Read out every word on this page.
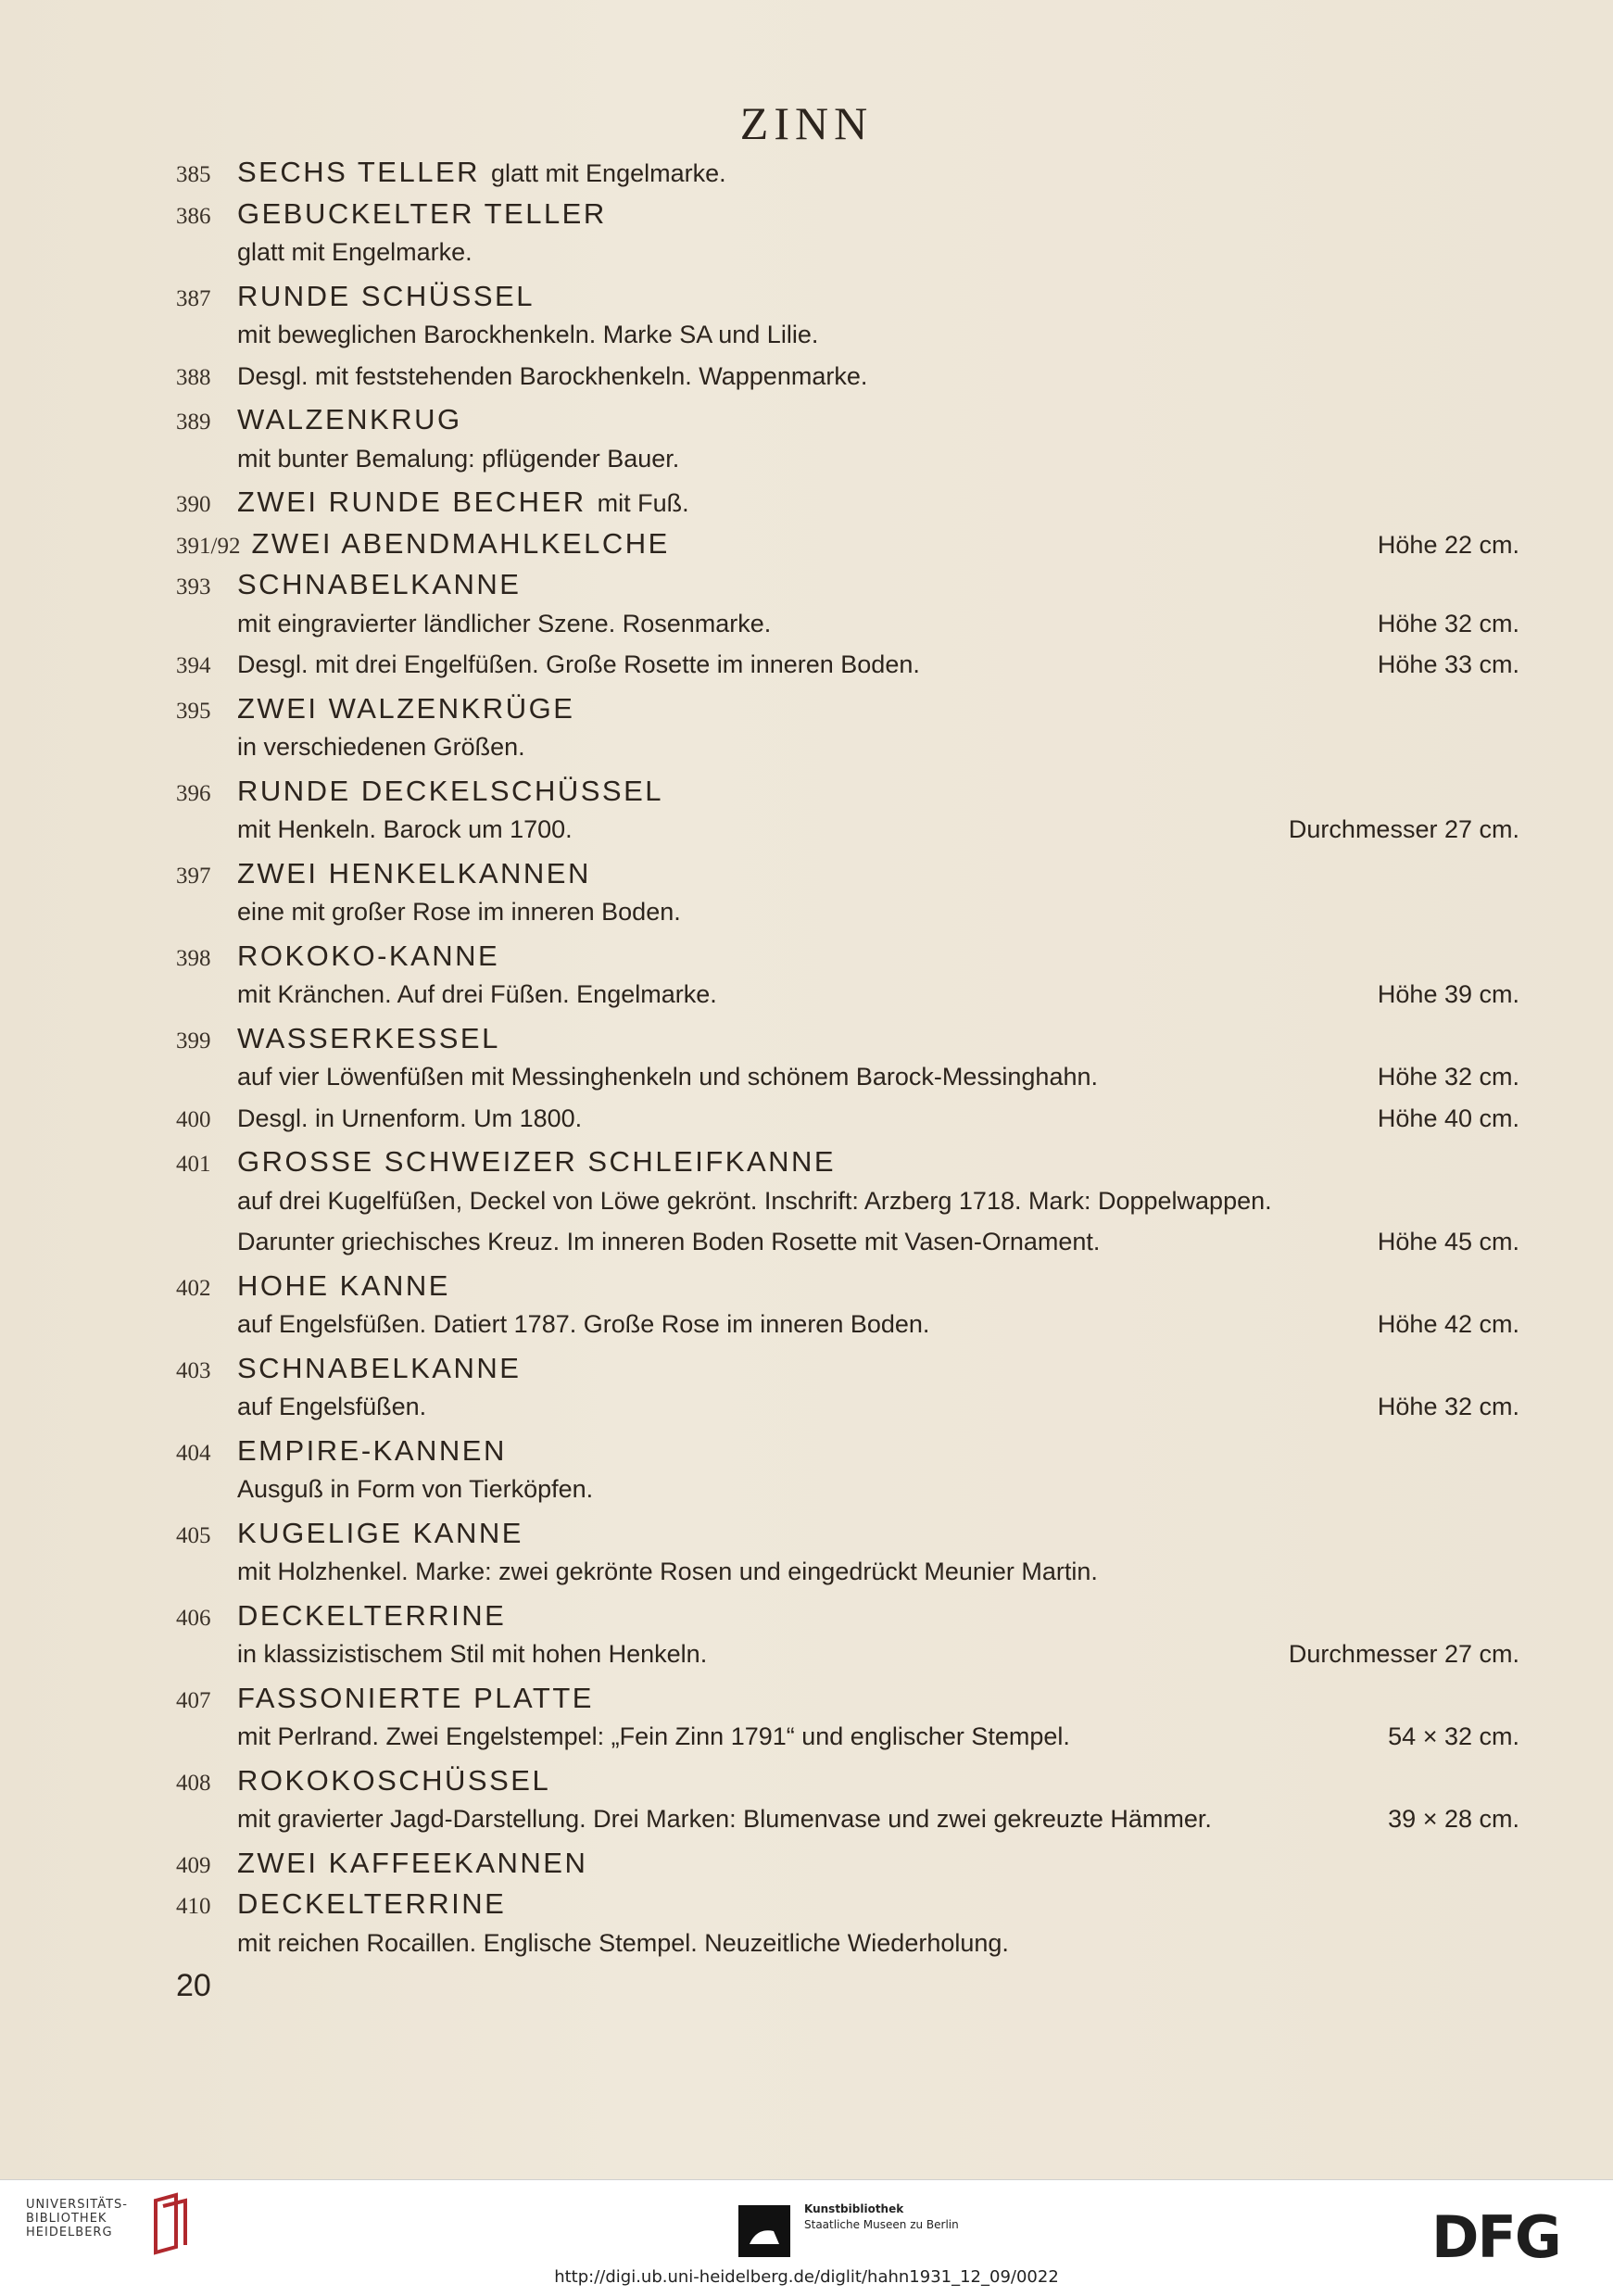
ZINN
385 SECHS TELLER glatt mit Engelmarke.
386 GEBUCKELTER TELLER
glatt mit Engelmarke.
387 RUNDE SCHÜSSEL
mit beweglichen Barockhenkeln. Marke SA und Lilie.
388	Desgl. mit feststehenden Barockhenkeln. Wappenmarke.
389 WALZENKRUG
mit bunter Bemalung: pflügender Bauer.
390 ZWEI RUNDE BECHER mit Fuß.
391/92 ZWEI ABENDMAHLKELCHE	Höhe 22 cm.
393 SCHNABELKANNE
mit eingravierter ländlicher Szene. Rosenmarke.	Höhe 32 cm.
394	Desgl. mit drei Engelfüßen. Große Rosette im inneren Boden.	Höhe 33 cm.
395 ZWEI WALZENKRÜGE
in verschiedenen Größen.
396 RUNDE DECKELSCHÜSSEL
mit Henkeln. Barock um 1700.	Durchmesser 27 cm.
397 ZWEI HENKELKANNEN
eine mit großer Rose im inneren Boden.
398 ROKOKO-KANNE
mit Kränchen. Auf drei Füßen. Engelmarke.	Höhe 39 cm.
399 WASSERKESSEL
auf vier Löwenfüßen mit Messinghenkeln und schönem Barock-Messinghahn.	Höhe 32 cm.
400	Desgl. in Urnenform. Um 1800.	Höhe 40 cm.
401 GROSSE SCHWEIZER SCHLEIFKANNE
auf drei Kugelfüßen, Deckel von Löwe gekrönt. Inschrift: Arzberg 1718. Mark: Doppelwappen.
Darunter griechisches Kreuz. Im inneren Boden Rosette mit Vasen-Ornament.	Höhe 45 cm.
402 HOHE KANNE
auf Engelsfüßen. Datiert 1787. Große Rose im inneren Boden.	Höhe 42 cm.
403 SCHNABELKANNE
auf Engelsfüßen.	Höhe 32 cm.
404 EMPIRE-KANNEN
Ausguß in Form von Tierköpfen.
405 KUGELIGE KANNE
mit Holzhenkel. Marke: zwei gekrönte Rosen und eingedrückt Meunier Martin.
406 DECKELTERRINE
in klassizistischem Stil mit hohen Henkeln.	Durchmesser 27 cm.
407 FASSONIERTE PLATTE
mit Perlrand. Zwei Engelstempel: „Fein Zinn 1791“ und englischer Stempel.	54 × 32 cm.
408 ROKOKOSCHÜSSEL
mit gravierter Jagd-Darstellung. Drei Marken: Blumenvase und zwei gekreuzte Hämmer.	39 × 28 cm.
409 ZWEI KAFFEEKANNEN
410 DECKELTERRINE
mit reichen Rocaillen. Englische Stempel. Neuzeitliche Wiederholung.
20
UNIVERSITÄTS-
BIBLIOTHEK
HEIDELBERG
Kunstbibliothek
Staatliche Museen zu Berlin	DFG
http://digi.ub.uni-heidelberg.de/diglit/hahn1931_12_09/0022
